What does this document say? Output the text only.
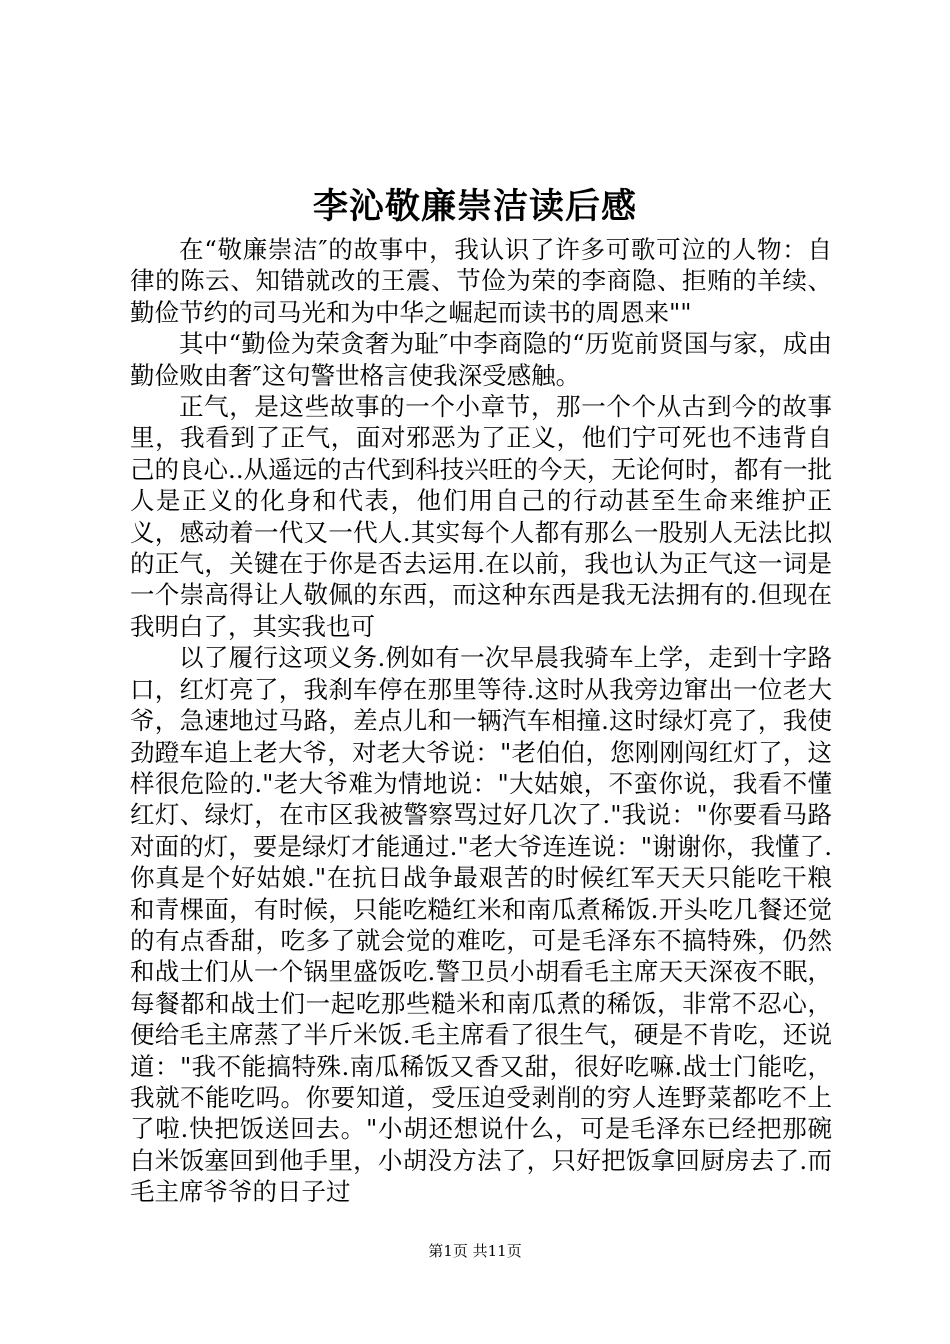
李沁敬廉崇洁读后感

在“敬廉崇洁″的故事中，我认识了许多可歌可泣的人物：自律的陈云、知错就改的王震、节俭为荣的李商隐、拒贿的羊续、勤俭节约的司马光和为中华之崛起而读书的周恩来""

其中“勤俭为荣贪奢为耻″中李商隐的“历览前贤国与家，成由勤俭败由奢″这句警世格言使我深受感触。

正气，是这些故事的一个小章节，那一个个从古到今的故事里，我看到了正气，面对邪恶为了正义，他们宁可死也不违背自己的良心..从遥远的古代到科技兴旺的今天，无论何时，都有一批人是正义的化身和代表，他们用自己的行动甚至生命来维护正义，感动着一代又一代人.其实每个人都有那么一股别人无法比拟的正气，关键在于你是否去运用.在以前，我也认为正气这一词是一个崇高得让人敬佩的东西，而这种东西是我无法拥有的.但现在我明白了，其实我也可

以了履行这项义务.例如有一次早晨我骑车上学，走到十字路口，红灯亮了，我刹车停在那里等待.这时从我旁边窜出一位老大爷，急速地过马路，差点儿和一辆汽车相撞.这时绿灯亮了，我使劲蹬车追上老大爷，对老大爷说："老伯伯，您刚刚闯红灯了，这样很危险的."老大爷难为情地说："大姑娘，不蛮你说，我看不懂红灯、绿灯，在市区我被警察骂过好几次了."我说："你要看马路对面的灯，要是绿灯才能通过."老大爷连连说："谢谢你，我懂了.你真是个好姑娘."在抗日战争最艰苦的时候红军天天只能吃干粮和青棵面，有时候，只能吃糙红米和南瓜煮稀饭.开头吃几餐还觉的有点香甜，吃多了就会觉的难吃，可是毛泽东不搞特殊，仍然和战士们从一个锅里盛饭吃.警卫员小胡看毛主席天天深夜不眠，每餐都和战士们一起吃那些糙米和南瓜煮的稀饭，非常不忍心，便给毛主席蒸了半斤米饭.毛主席看了很生气，硬是不肯吃，还说道："我不能搞特殊.南瓜稀饭又香又甜，很好吃嘛.战士门能吃，我就不能吃吗。你要知道，受压迫受剥削的穷人连野菜都吃不上了啦.快把饭送回去。"小胡还想说什么，可是毛泽东已经把那碗白米饭塞回到他手里，小胡没方法了，只好把饭拿回厨房去了.而毛主席爷爷的日子过

第1页 共11页
